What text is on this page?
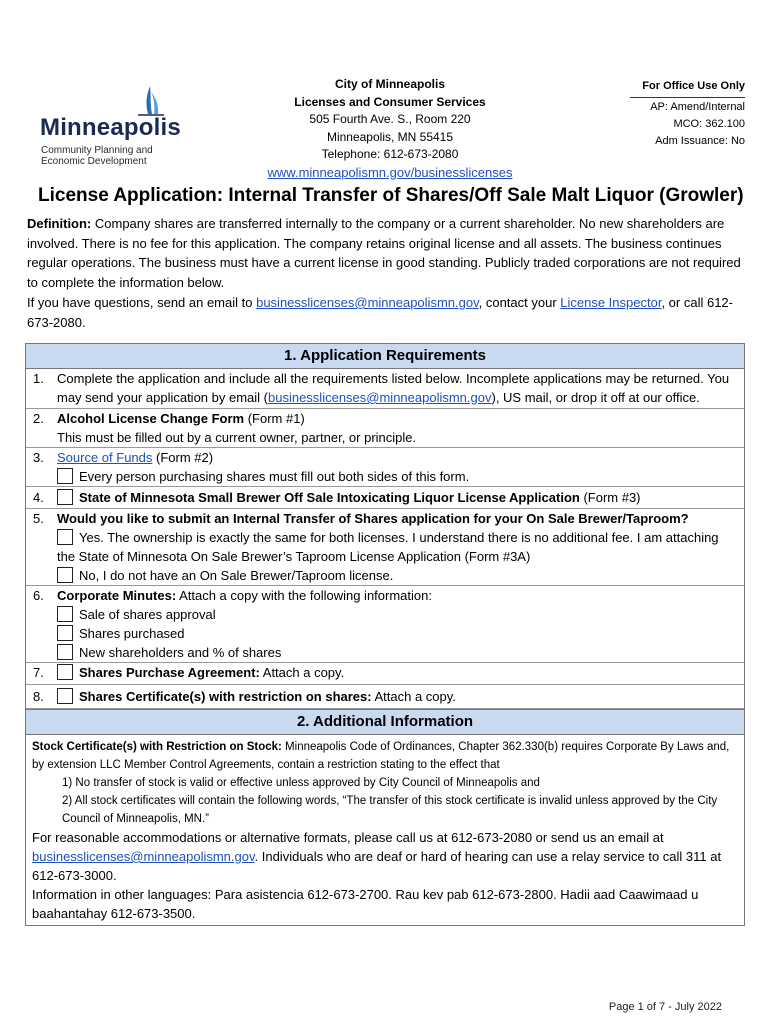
Minneapolis
Community Planning and
Economic Development
City of Minneapolis
Licenses and Consumer Services
505 Fourth Ave. S., Room 220
Minneapolis, MN 55415
Telephone: 612-673-2080
www.minneapolismn.gov/businesslicenses
For Office Use Only
AP: Amend/Internal
MCO: 362.100
Adm Issuance: No
License Application: Internal Transfer of Shares/Off Sale Malt Liquor (Growler)
Definition: Company shares are transferred internally to the company or a current shareholder. No new shareholders are involved. There is no fee for this application. The company retains original license and all assets. The business continues regular operations. The business must have a current license in good standing. Publicly traded corporations are not required to complete the information below.
If you have questions, send an email to businesslicenses@minneapolismn.gov, contact your License Inspector, or call 612-673-2080.
1. Application Requirements
1. Complete the application and include all the requirements listed below. Incomplete applications may be returned. You may send your application by email (businesslicenses@minneapolismn.gov), US mail, or drop it off at our office.
2. Alcohol License Change Form (Form #1)
This must be filled out by a current owner, partner, or principle.
3. Source of Funds (Form #2)
Every person purchasing shares must fill out both sides of this form.
4.	State of Minnesota Small Brewer Off Sale Intoxicating Liquor License Application (Form #3)
5. Would you like to submit an Internal Transfer of Shares application for your On Sale Brewer/Taproom?
Yes. The ownership is exactly the same for both licenses. I understand there is no additional fee. I am attaching the State of Minnesota On Sale Brewer’s Taproom License Application (Form #3A)
No, I do not have an On Sale Brewer/Taproom license.
6. Corporate Minutes: Attach a copy with the following information:
Sale of shares approval
Shares purchased
New shareholders and % of shares
7.	Shares Purchase Agreement: Attach a copy.
8.	Shares Certificate(s) with restriction on shares: Attach a copy.
2. Additional Information
Stock Certificate(s) with Restriction on Stock: Minneapolis Code of Ordinances, Chapter 362.330(b) requires Corporate By Laws and, by extension LLC Member Control Agreements, contain a restriction stating to the effect that
1) No transfer of stock is valid or effective unless approved by City Council of Minneapolis and
2) All stock certificates will contain the following words, “The transfer of this stock certificate is invalid unless approved by the City Council of Minneapolis, MN.”
For reasonable accommodations or alternative formats, please call us at 612-673-2080 or send us an email at businesslicenses@minneapolismn.gov. Individuals who are deaf or hard of hearing can use a relay service to call 311 at 612-673-3000.
Information in other languages: Para asistencia 612-673-2700. Rau kev pab 612-673-2800. Hadii aad Caawimaad u baahantahay 612-673-3500.
Page 1 of 7 - July 2022
